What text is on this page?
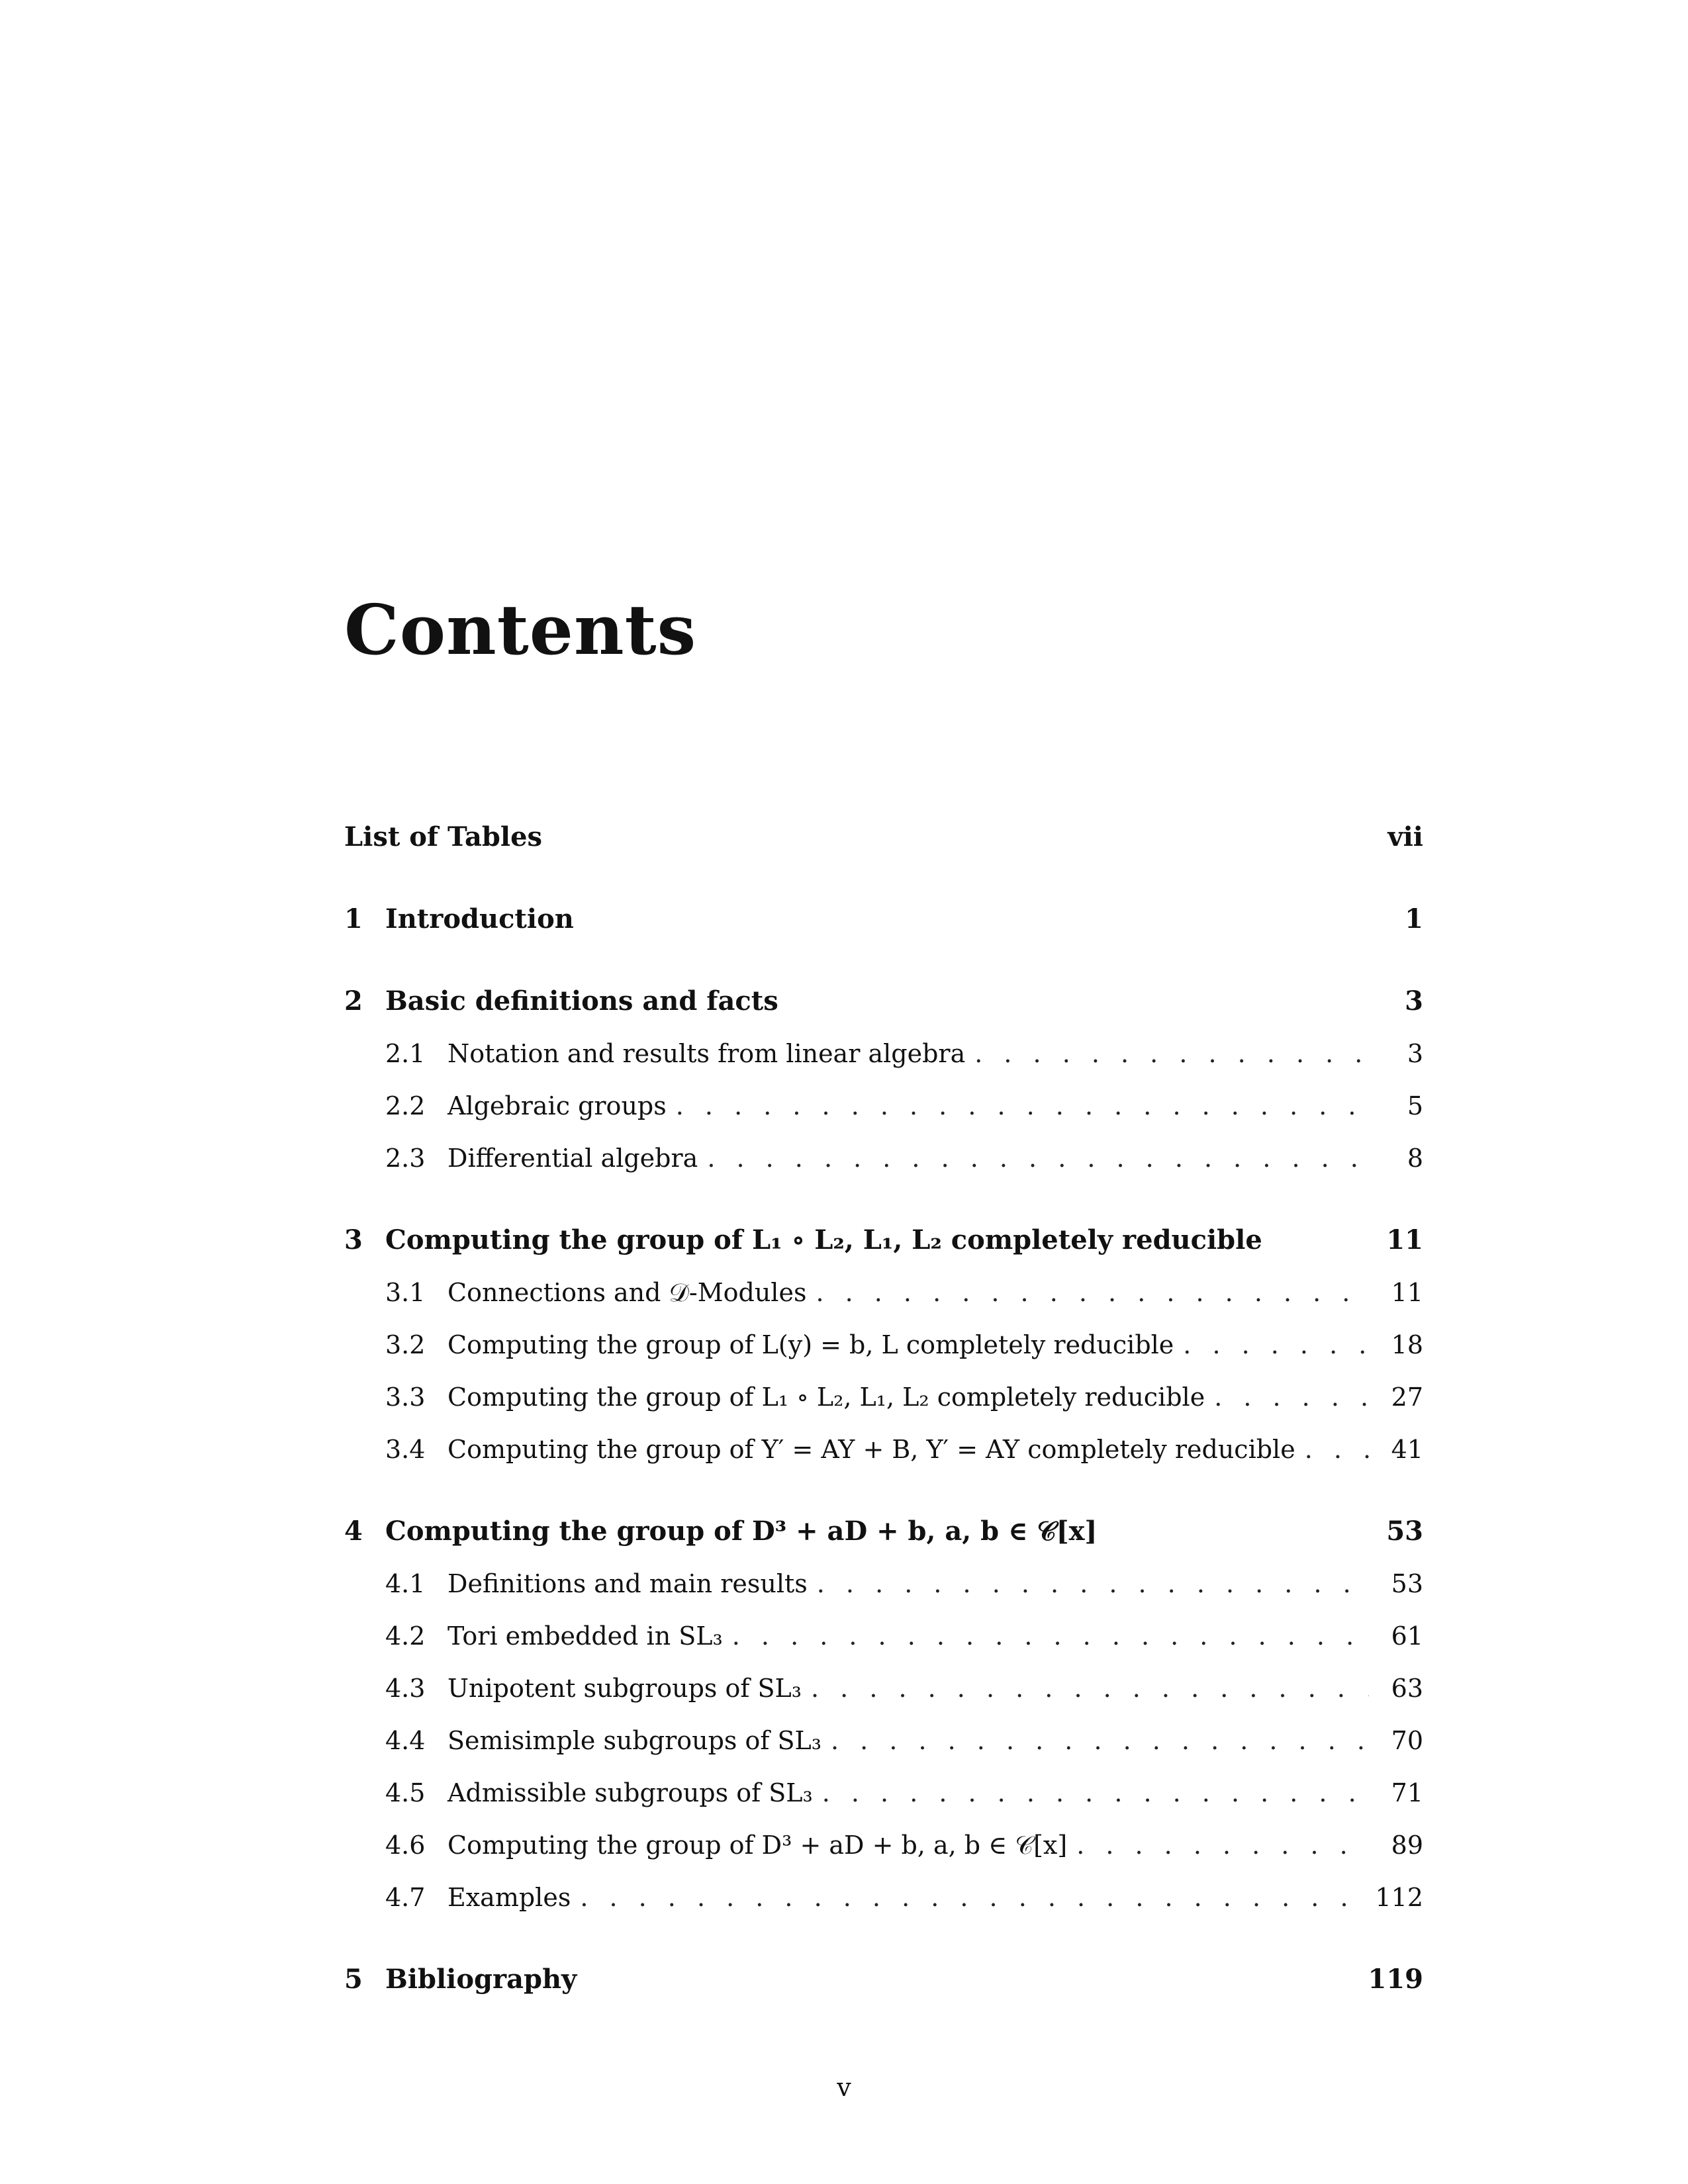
Contents
List of Tables	vii
1 Introduction	1
2 Basic definitions and facts	3
2.1 Notation and results from linear algebra . . .	3
2.2 Algebraic groups . . .	5
2.3 Differential algebra . . .	8
3 Computing the group of L₁ ∘ L₂, L₁, L₂ completely reducible	11
3.1 Connections and 𝒟-Modules . . .	11
3.2 Computing the group of L(y) = b, L completely reducible . . .	18
3.3 Computing the group of L₁ ∘ L₂, L₁, L₂ completely reducible . . .	27
3.4 Computing the group of Y′ = AY + B, Y′ = AY completely reducible . . .	41
4 Computing the group of D³ + aD + b, a, b ∈ 𝒞[x]	53
4.1 Definitions and main results . . .	53
4.2 Tori embedded in SL₃ . . .	61
4.3 Unipotent subgroups of SL₃ . . .	63
4.4 Semisimple subgroups of SL₃ . . .	70
4.5 Admissible subgroups of SL₃ . . .	71
4.6 Computing the group of D³ + aD + b, a, b ∈ 𝒞[x] . . .	89
4.7 Examples . . .	112
5 Bibliography	119
v
